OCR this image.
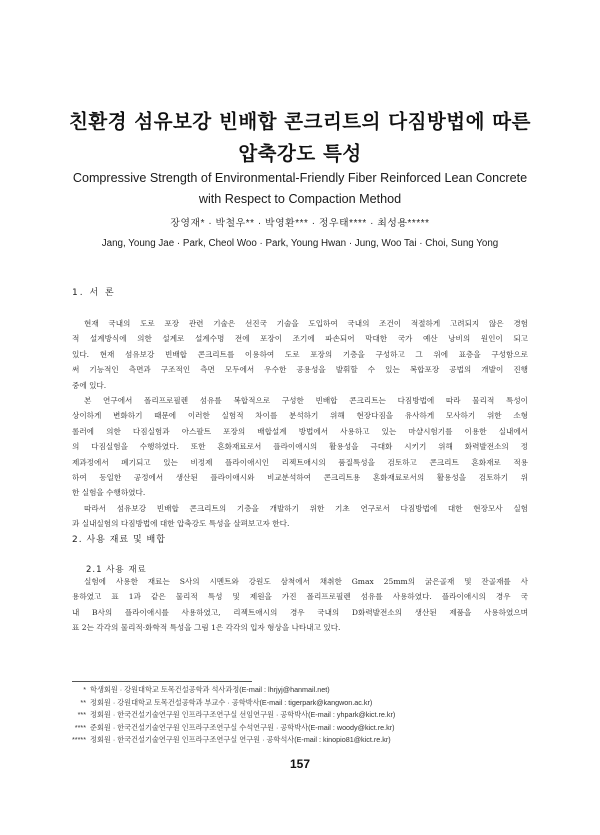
친환경 섬유보강 빈배합 콘크리트의 다짐방법에 따른
압축강도 특성
Compressive Strength of Environmental-Friendly Fiber Reinforced Lean Concrete
with Respect to Compaction Method
장영재* · 박철우** · 박영환*** · 정우태**** · 최성용*****
Jang, Young Jae · Park, Cheol Woo · Park, Young Hwan · Jung, Woo Tai · Choi, Sung Yong
1. 서 론

현재 국내의 도로 포장 관련 기술은 선진국 기술을 도입하여 국내의 조건이 적절하게 고려되지 않은 경험

적 설계방식에 의한 설계로 설계수명 전에 포장이 조기에 파손되어 막대한 국가 예산 낭비의 원인이 되고

있다. 현재 섬유보강 빈배합 콘크리트를 이용하여 도로 포장의 기층을 구성하고 그 위에 표층을 구성함으로

써 기능적인 측면과 구조적인 측면 모두에서 우수한 공용성을 발휘할 수 있는 복합포장 공법의 개발이 진행

중에 있다.

본 연구에서 폴리프로필렌 섬유를 복합적으로 구성한 빈배합 콘크리트는 다짐방법에 따라 물리적 특성이

상이하게 변화하기 때문에 이러한 실험적 차이를 분석하기 위해 현장다짐을 유사하게 모사하기 위한 소형

롤러에 의한 다짐실험과 아스팔트 포장의 배합설계 방법에서 사용하고 있는 마샬시험기를 이용한 실내에서

의 다짐실험을 수행하였다. 또한 혼화재료로서 플라이애시의 활용성을 극대화 시키기 위해 화력발전소의 정

제과정에서 폐기되고 있는 비정제 플라이애시인 리젝트애시의 품질특성을 검토하고 콘크리트 혼화재로 적용

하여 동일한 공정에서 생산된 플라이애시와 비교분석하여 콘크리트용 혼화재료로서의 활용성을 검토하기 위

한 실험을 수행하였다.

따라서 섬유보강 빈배합 콘크리트의 기층을 개발하기 위한 기초 연구로서 다짐방법에 대한 현장모사 실험

과 실내실험의 다짐방법에 대한 압축강도 특성을 살펴보고자 한다.

2. 사용 재료 및 배합
2.1 사용 재료

실험에 사용한 재료는 S사의 시멘트와 강원도 삼척에서 채취한 Gmax 25mm의 굵은골재 및 잔골재를 사

용하였고 표 1과 같은 물리적 특성 및 제원을 가진 폴리프로필렌 섬유를 사용하였다. 플라이애시의 경우 국

내 B사의 플라이애시를 사용하였고, 리젝트애시의 경우 국내의 D화력발전소의 생산된 제품을 사용하였으며

표 2는 각각의 물리적·화학적 특성을 그림 1은 각각의 입자 형상을 나타내고 있다.

* 학생회원 · 강원대학교 토목건설공학과 석사과정(E-mail : lhrjyj@hanmail.net)
** 정회원 · 강원대학교 토목건설공학과 부교수 · 공학박사(E-mail : tigerpark@kangwon.ac.kr)
*** 정회원 · 한국건설기술연구원 인프라구조연구실 선임연구원 · 공학박사(E-mail : yhpark@kict.re.kr)
**** 준회원 · 한국건설기술연구원 인프라구조연구실 수석연구원 · 공학박사(E-mail : woody@kict.re.kr)
***** 정회원 · 한국건설기술연구원 인프라구조연구실 연구원 · 공학석사(E-mail : kinopio81@kict.re.kr)
157
